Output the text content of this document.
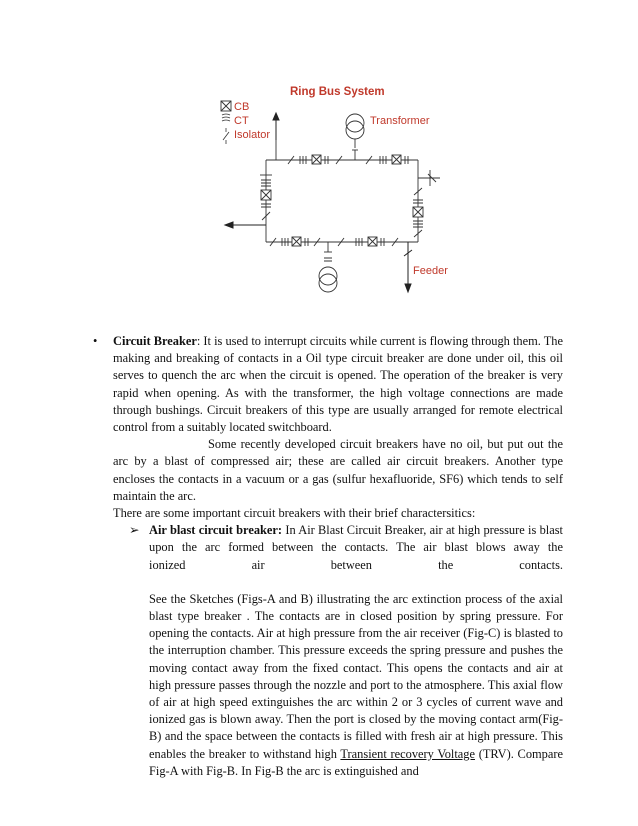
Ring Bus System
CB
CT
Isolator
Transformer
Feeder
• Circuit Breaker: It is used to interrupt circuits while current is flowing through them. The making and breaking of contacts in a Oil type circuit breaker are done under oil, this oil serves to quench the arc when the circuit is opened. The operation of the breaker is very rapid when opening. As with the transformer, the high voltage connections are made through bushings. Circuit breakers of this type are usually arranged for remote electrical control from a suitably located switchboard.

Some recently developed circuit breakers have no oil, but put out the arc by a blast of compressed air; these are called air circuit breakers. Another type encloses the contacts in a vacuum or a gas (sulfur hexafluoride, SF6) which tends to self maintain the arc.

There are some important circuit breakers with their brief charactersitics:

➢ Air blast circuit breaker: In Air Blast Circuit Breaker, air at high pressure is blast upon the arc formed between the contacts. The air blast blows away the

ionized	air	between	the	contacts.

See the Sketches (Figs-A and B) illustrating the arc extinction process of the axial blast type breaker . The contacts are in closed position by spring pressure. For opening the contacts. Air at high pressure from the air receiver (Fig-C) is blasted to the interruption chamber. This pressure exceeds the spring pressure and pushes the moving contact away from the fixed contact. This opens the contacts and air at high pressure passes through the nozzle and port to the atmosphere. This axial flow of air at high speed extinguishes the arc within 2 or 3 cycles of current wave and ionized gas is blown away. Then the port is closed by the moving contact arm(Fig-B) and the space between the contacts is filled with fresh air at high pressure. This enables the breaker to withstand high Transient recovery Voltage (TRV). Compare Fig-A with Fig-B. In Fig-B the arc is extinguished and
